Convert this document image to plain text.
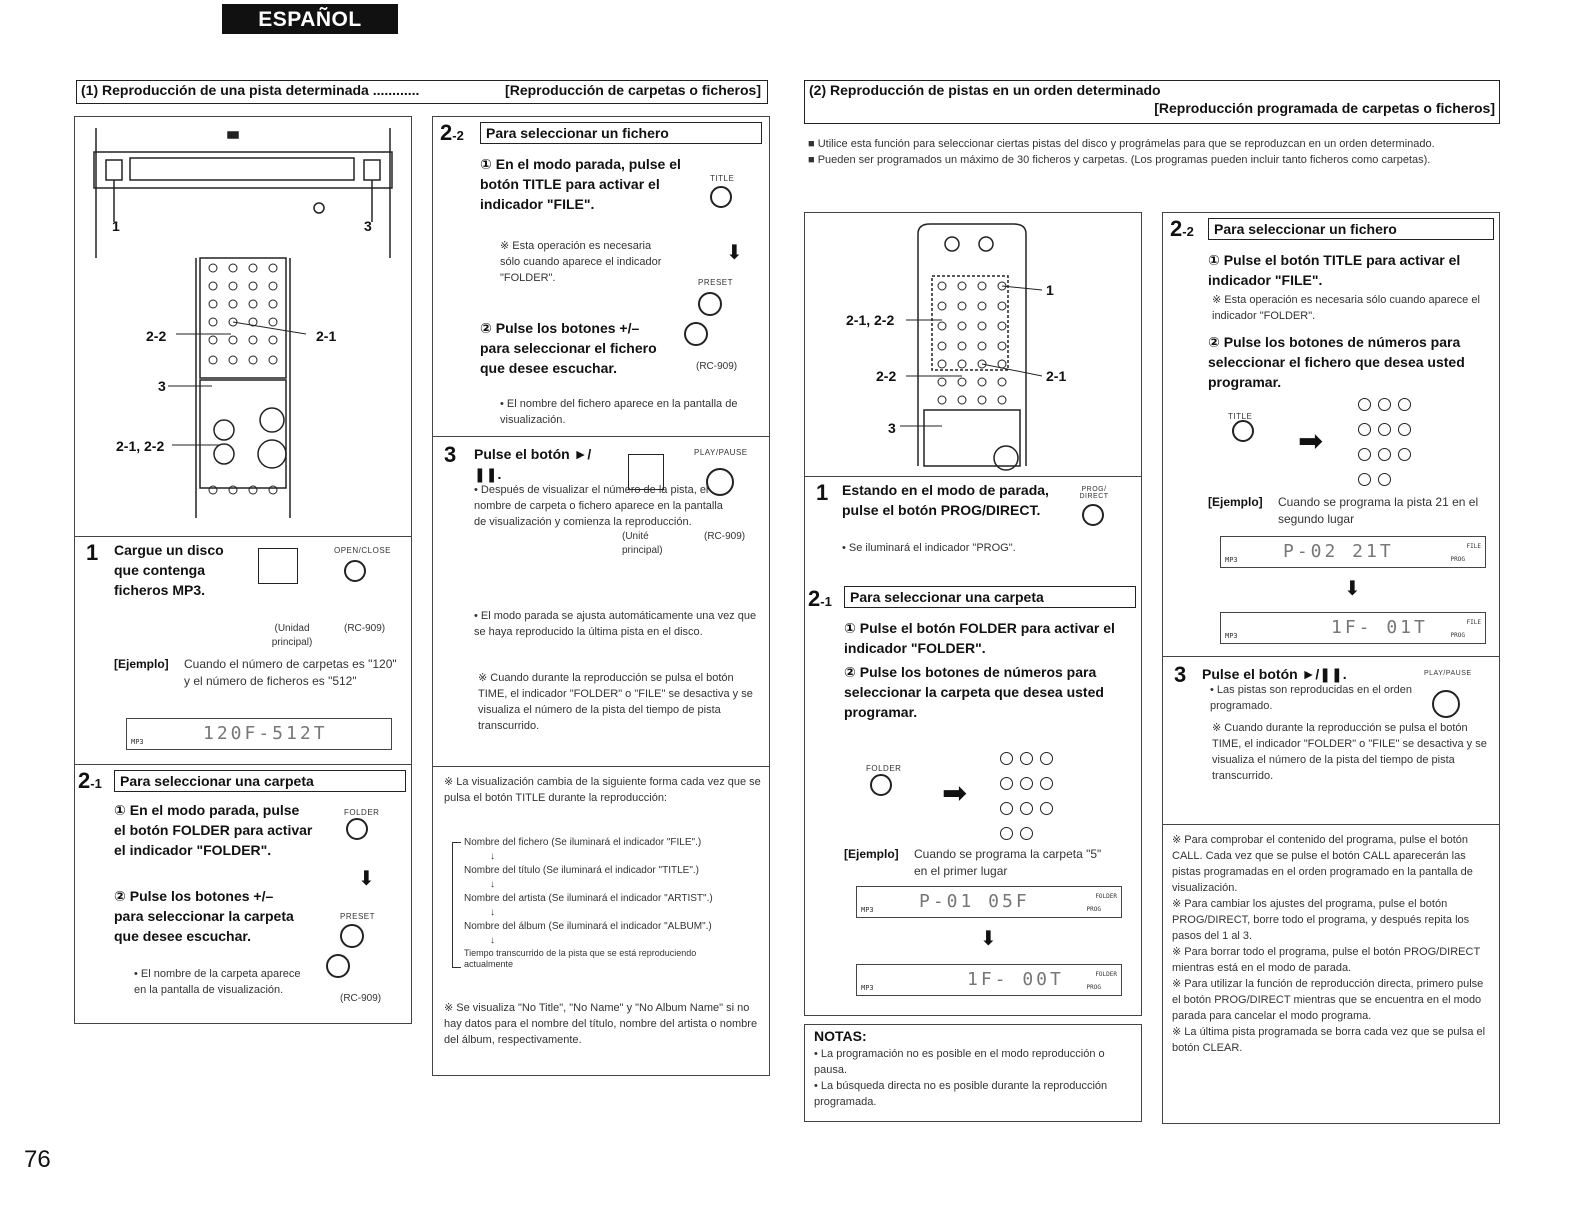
ESPAÑOL
(1) Reproducción de una pista determinada ............	[Reproducción de carpetas o ficheros]
1	3
2-2	2-1
3
2-1, 2-2
1 Cargue un disco que contenga ficheros MP3.
OPEN/CLOSE
(Unidad principal)
(RC-909)
[Ejemplo] Cuando el número de carpetas es "120" y el número de ficheros es "512"
MP3	120F-512T
2-1	Para seleccionar una carpeta
① En el modo parada, pulse el botón FOLDER para activar el indicador "FOLDER".
FOLDER
⬇
② Pulse los botones +/– para seleccionar la carpeta que desee escuchar.
PRESET
• El nombre de la carpeta aparece en la pantalla de visualización.
(RC-909)
2-2	Para seleccionar un fichero
① En el modo parada, pulse el botón TITLE para activar el indicador "FILE".
TITLE
※ Esta operación es necesaria sólo cuando aparece el indicador "FOLDER".
⬇
PRESET
② Pulse los botones +/– para seleccionar el fichero que desee escuchar.	(RC-909)
• El nombre del fichero aparece en la pantalla de visualización.
3 Pulse el botón ►/❚❚.
PLAY/PAUSE
(Unité principal)
(RC-909)
• Después de visualizar el número de la pista, el nombre de carpeta o fichero aparece en la pantalla de visualización y comienza la reproducción.
• El modo parada se ajusta automáticamente una vez que se haya reproducido la última pista en el disco.
※ Cuando durante la reproducción se pulsa el botón TIME, el indicador "FOLDER" o "FILE" se desactiva y se visualiza el número de la pista del tiempo de pista transcurrido.
※ La visualización cambia de la siguiente forma cada vez que se pulsa el botón TITLE durante la reproducción:
Nombre del fichero (Se iluminará el indicador "FILE".)
↓
Nombre del título (Se iluminará el indicador "TITLE".)
↓
Nombre del artista (Se iluminará el indicador "ARTIST".)
↓
Nombre del álbum (Se iluminará el indicador "ALBUM".)
↓
Tiempo transcurrido de la pista que se está reproduciendo actualmente
※ Se visualiza "No Title", "No Name" y "No Album Name" si no hay datos para el nombre del título, nombre del artista o nombre del álbum, respectivamente.
(2) Reproducción de pistas en un orden determinado
[Reproducción programada de carpetas o ficheros]
■ Utilice esta función para seleccionar ciertas pistas del disco y prográmelas para que se reproduzcan en un orden determinado.
■ Pueden ser programados un máximo de 30 ficheros y carpetas. (Los programas pueden incluir tanto ficheros como carpetas).
1
2-1, 2-2
2-2	2-1
3
1 Estando en el modo de parada, pulse el botón PROG/DIRECT.
PROG/ DIRECT
• Se iluminará el indicador "PROG".
2-1	Para seleccionar una carpeta
① Pulse el botón FOLDER para activar el indicador "FOLDER".
② Pulse los botones de números para seleccionar la carpeta que desea usted programar.
FOLDER
➡

[Ejemplo] Cuando se programa la carpeta "5" en el primer lugar
MP3	P-01 05F	FOLDER
PROG
⬇
MP3	1F- 00T	FOLDER
PROG
NOTAS:
• La programación no es posible en el modo reproducción o pausa.
• La búsqueda directa no es posible durante la reproducción programada.
2-2	Para seleccionar un fichero
① Pulse el botón TITLE para activar el indicador "FILE".
※ Esta operación es necesaria sólo cuando aparece el indicador "FOLDER".
② Pulse los botones de números para seleccionar el fichero que desea usted programar.
TITLE
➡

[Ejemplo] Cuando se programa la pista 21 en el segundo lugar
MP3	P-02 21T	FILE
PROG
⬇
MP3	1F- 01T	FILE
PROG
3 Pulse el botón ►/❚❚.	PLAY/PAUSE
• Las pistas son reproducidas en el orden programado.
※ Cuando durante la reproducción se pulsa el botón TIME, el indicador "FOLDER" o "FILE" se desactiva y se visualiza el número de la pista del tiempo de pista transcurrido.
※ Para comprobar el contenido del programa, pulse el botón CALL. Cada vez que se pulse el botón CALL aparecerán las pistas programadas en el orden programado en la pantalla de visualización.
※ Para cambiar los ajustes del programa, pulse el botón PROG/DIRECT, borre todo el programa, y después repita los pasos del 1 al 3.
※ Para borrar todo el programa, pulse el botón PROG/DIRECT mientras está en el modo de parada.
※ Para utilizar la función de reproducción directa, primero pulse el botón PROG/DIRECT mientras que se encuentra en el modo parada para cancelar el modo programa.
※ La última pista programada se borra cada vez que se pulsa el botón CLEAR.
76
